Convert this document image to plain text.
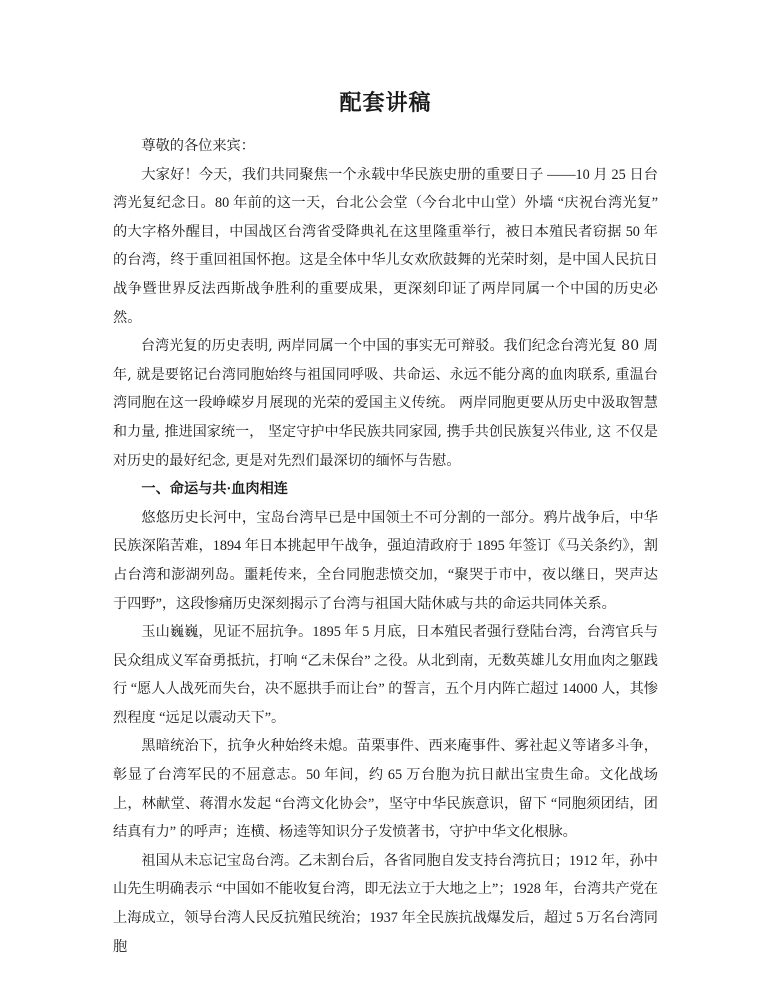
配套讲稿

尊敬的各位来宾：

大家好！今天，我们共同聚焦一个永载中华民族史册的重要日子 ——10 月 25 日台湾光复纪念日。80 年前的这一天，台北公会堂（今台北中山堂）外墙 “庆祝台湾光复” 的大字格外醒目，中国战区台湾省受降典礼在这里隆重举行，被日本殖民者窃据 50 年的台湾，终于重回祖国怀抱。这是全体中华儿女欢欣鼓舞的光荣时刻，是中国人民抗日战争暨世界反法西斯战争胜利的重要成果，更深刻印证了两岸同属一个中国的历史必然。

台湾光复的历史表明, 两岸同属一个中国的事实无可辩驳。我们纪念台湾光复 80 周年, 就是要铭记台湾同胞始终与祖国同呼吸、共命运、永远不能分离的血肉联系, 重温台湾同胞在这一段峥嵘岁月展现的光荣的爱国主义传统。 两岸同胞更要从历史中汲取智慧和力量, 推进国家统一， 坚定守护中华民族共同家园, 携手共创民族复兴伟业, 这 不仅是对历史的最好纪念, 更是对先烈们最深切的缅怀与告慰。

一、命运与共·血肉相连

悠悠历史长河中，宝岛台湾早已是中国领土不可分割的一部分。鸦片战争后，中华民族深陷苦难，1894 年日本挑起甲午战争，强迫清政府于 1895 年签订《马关条约》，割占台湾和澎湖列岛。噩耗传来，全台同胞悲愤交加，“聚哭于市中，夜以继日，哭声达于四野”，这段惨痛历史深刻揭示了台湾与祖国大陆休戚与共的命运共同体关系。

玉山巍巍，见证不屈抗争。1895 年 5 月底，日本殖民者强行登陆台湾，台湾官兵与民众组成义军奋勇抵抗，打响 “乙未保台” 之役。从北到南，无数英雄儿女用血肉之躯践行 “愿人人战死而失台，决不愿拱手而让台” 的誓言，五个月内阵亡超过 14000 人，其惨烈程度 “远足以震动天下”。

黑暗统治下，抗争火种始终未熄。苗栗事件、西来庵事件、雾社起义等诸多斗争，彰显了台湾军民的不屈意志。50 年间，约 65 万台胞为抗日献出宝贵生命。文化战场上，林献堂、蒋渭水发起 “台湾文化协会”，坚守中华民族意识，留下 “同胞须团结，团结真有力” 的呼声；连横、杨逵等知识分子发愤著书，守护中华文化根脉。

祖国从未忘记宝岛台湾。乙未割台后，各省同胞自发支持台湾抗日；1912 年，孙中山先生明确表示 “中国如不能收复台湾，即无法立于大地之上”；1928 年，台湾共产党在上海成立，领导台湾人民反抗殖民统治；1937 年全民族抗战爆发后，超过 5 万名台湾同胞
